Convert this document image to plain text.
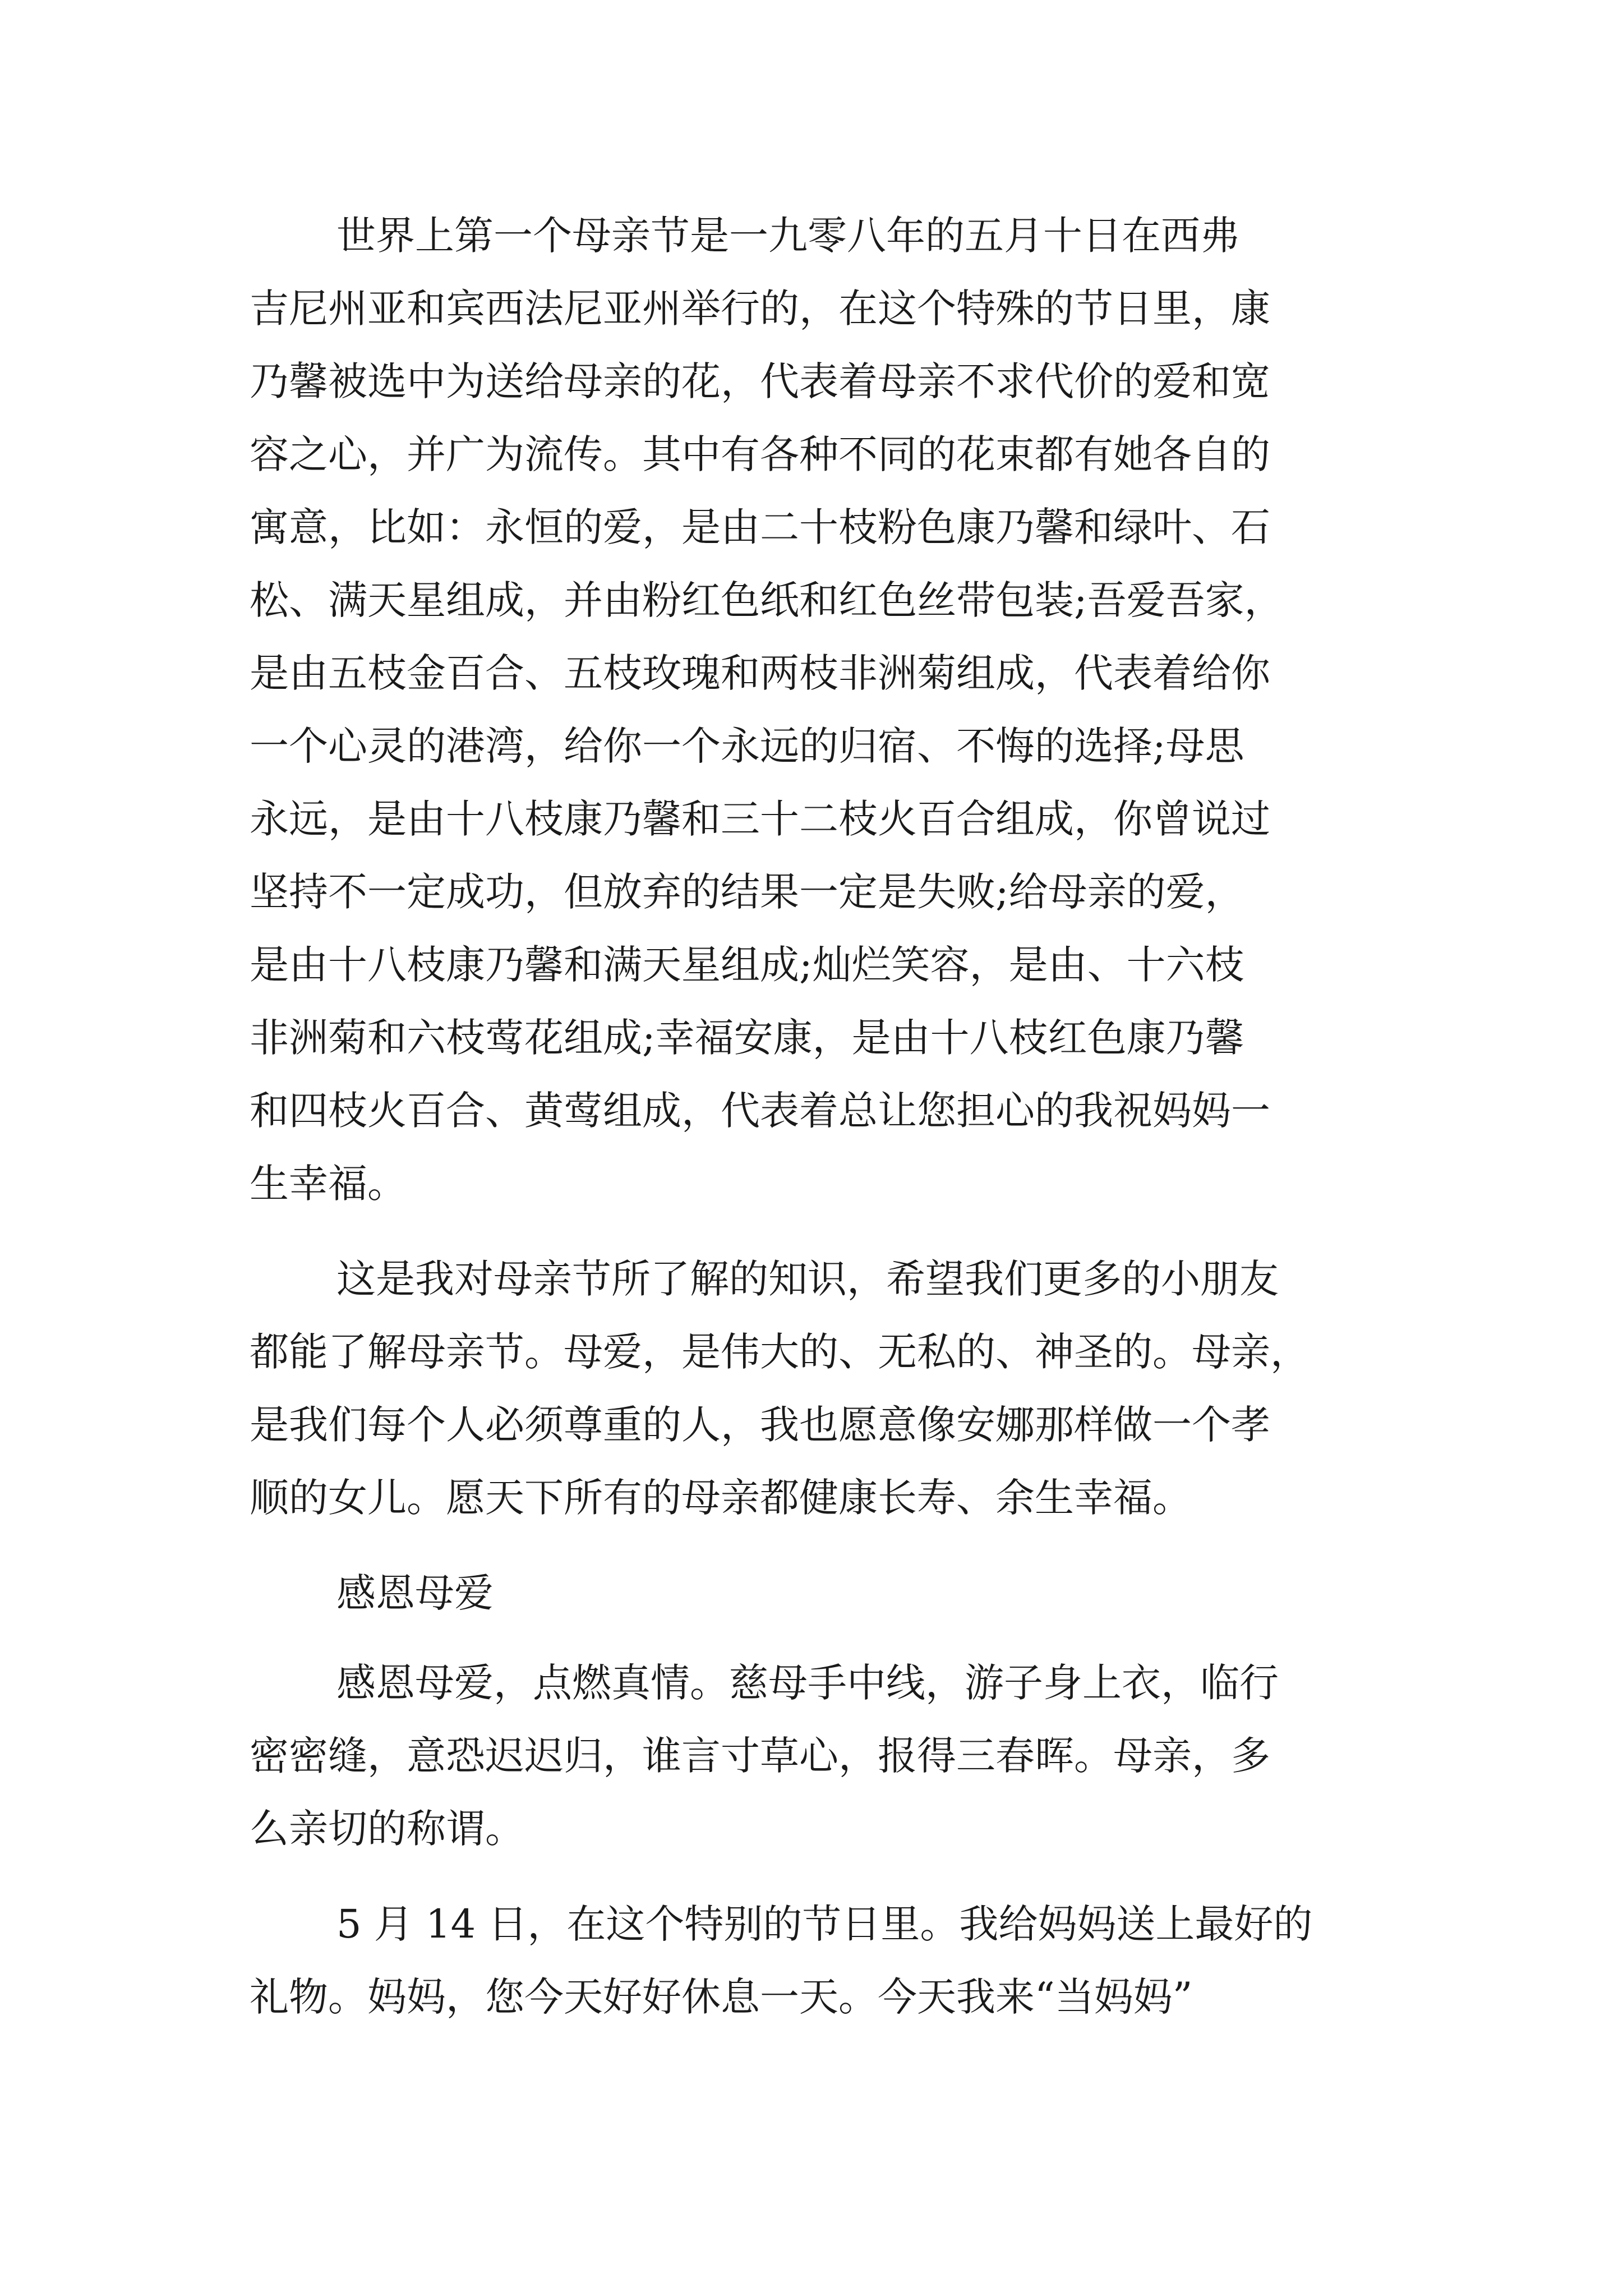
世界上第一个母亲节是一九零八年的五月十日在西弗

吉尼州亚和宾西法尼亚州举行的，在这个特殊的节日里，康

乃馨被选中为送给母亲的花，代表着母亲不求代价的爱和宽

容之心，并广为流传。其中有各种不同的花束都有她各自的

寓意，比如：永恒的爱，是由二十枝粉色康乃馨和绿叶、石

松、满天星组成，并由粉红色纸和红色丝带包装;吾爱吾家，

是由五枝金百合、五枝玫瑰和两枝非洲菊组成，代表着给你

一个心灵的港湾，给你一个永远的归宿、不悔的选择;母思

永远，是由十八枝康乃馨和三十二枝火百合组成，你曾说过

坚持不一定成功，但放弃的结果一定是失败;给母亲的爱，

是由十八枝康乃馨和满天星组成;灿烂笑容，是由、十六枝

非洲菊和六枝莺花组成;幸福安康，是由十八枝红色康乃馨

和四枝火百合、黄莺组成，代表着总让您担心的我祝妈妈一

生幸福。

这是我对母亲节所了解的知识，希望我们更多的小朋友

都能了解母亲节。母爱，是伟大的、无私的、神圣的。母亲，

是我们每个人必须尊重的人，我也愿意像安娜那样做一个孝

顺的女儿。愿天下所有的母亲都健康长寿、余生幸福。

感恩母爱

感恩母爱，点燃真情。慈母手中线，游子身上衣，临行

密密缝，意恐迟迟归，谁言寸草心，报得三春晖。母亲，多

么亲切的称谓。

5 月 14 日，在这个特别的节日里。我给妈妈送上最好的

礼物。妈妈，您今天好好休息一天。今天我来“当妈妈”
